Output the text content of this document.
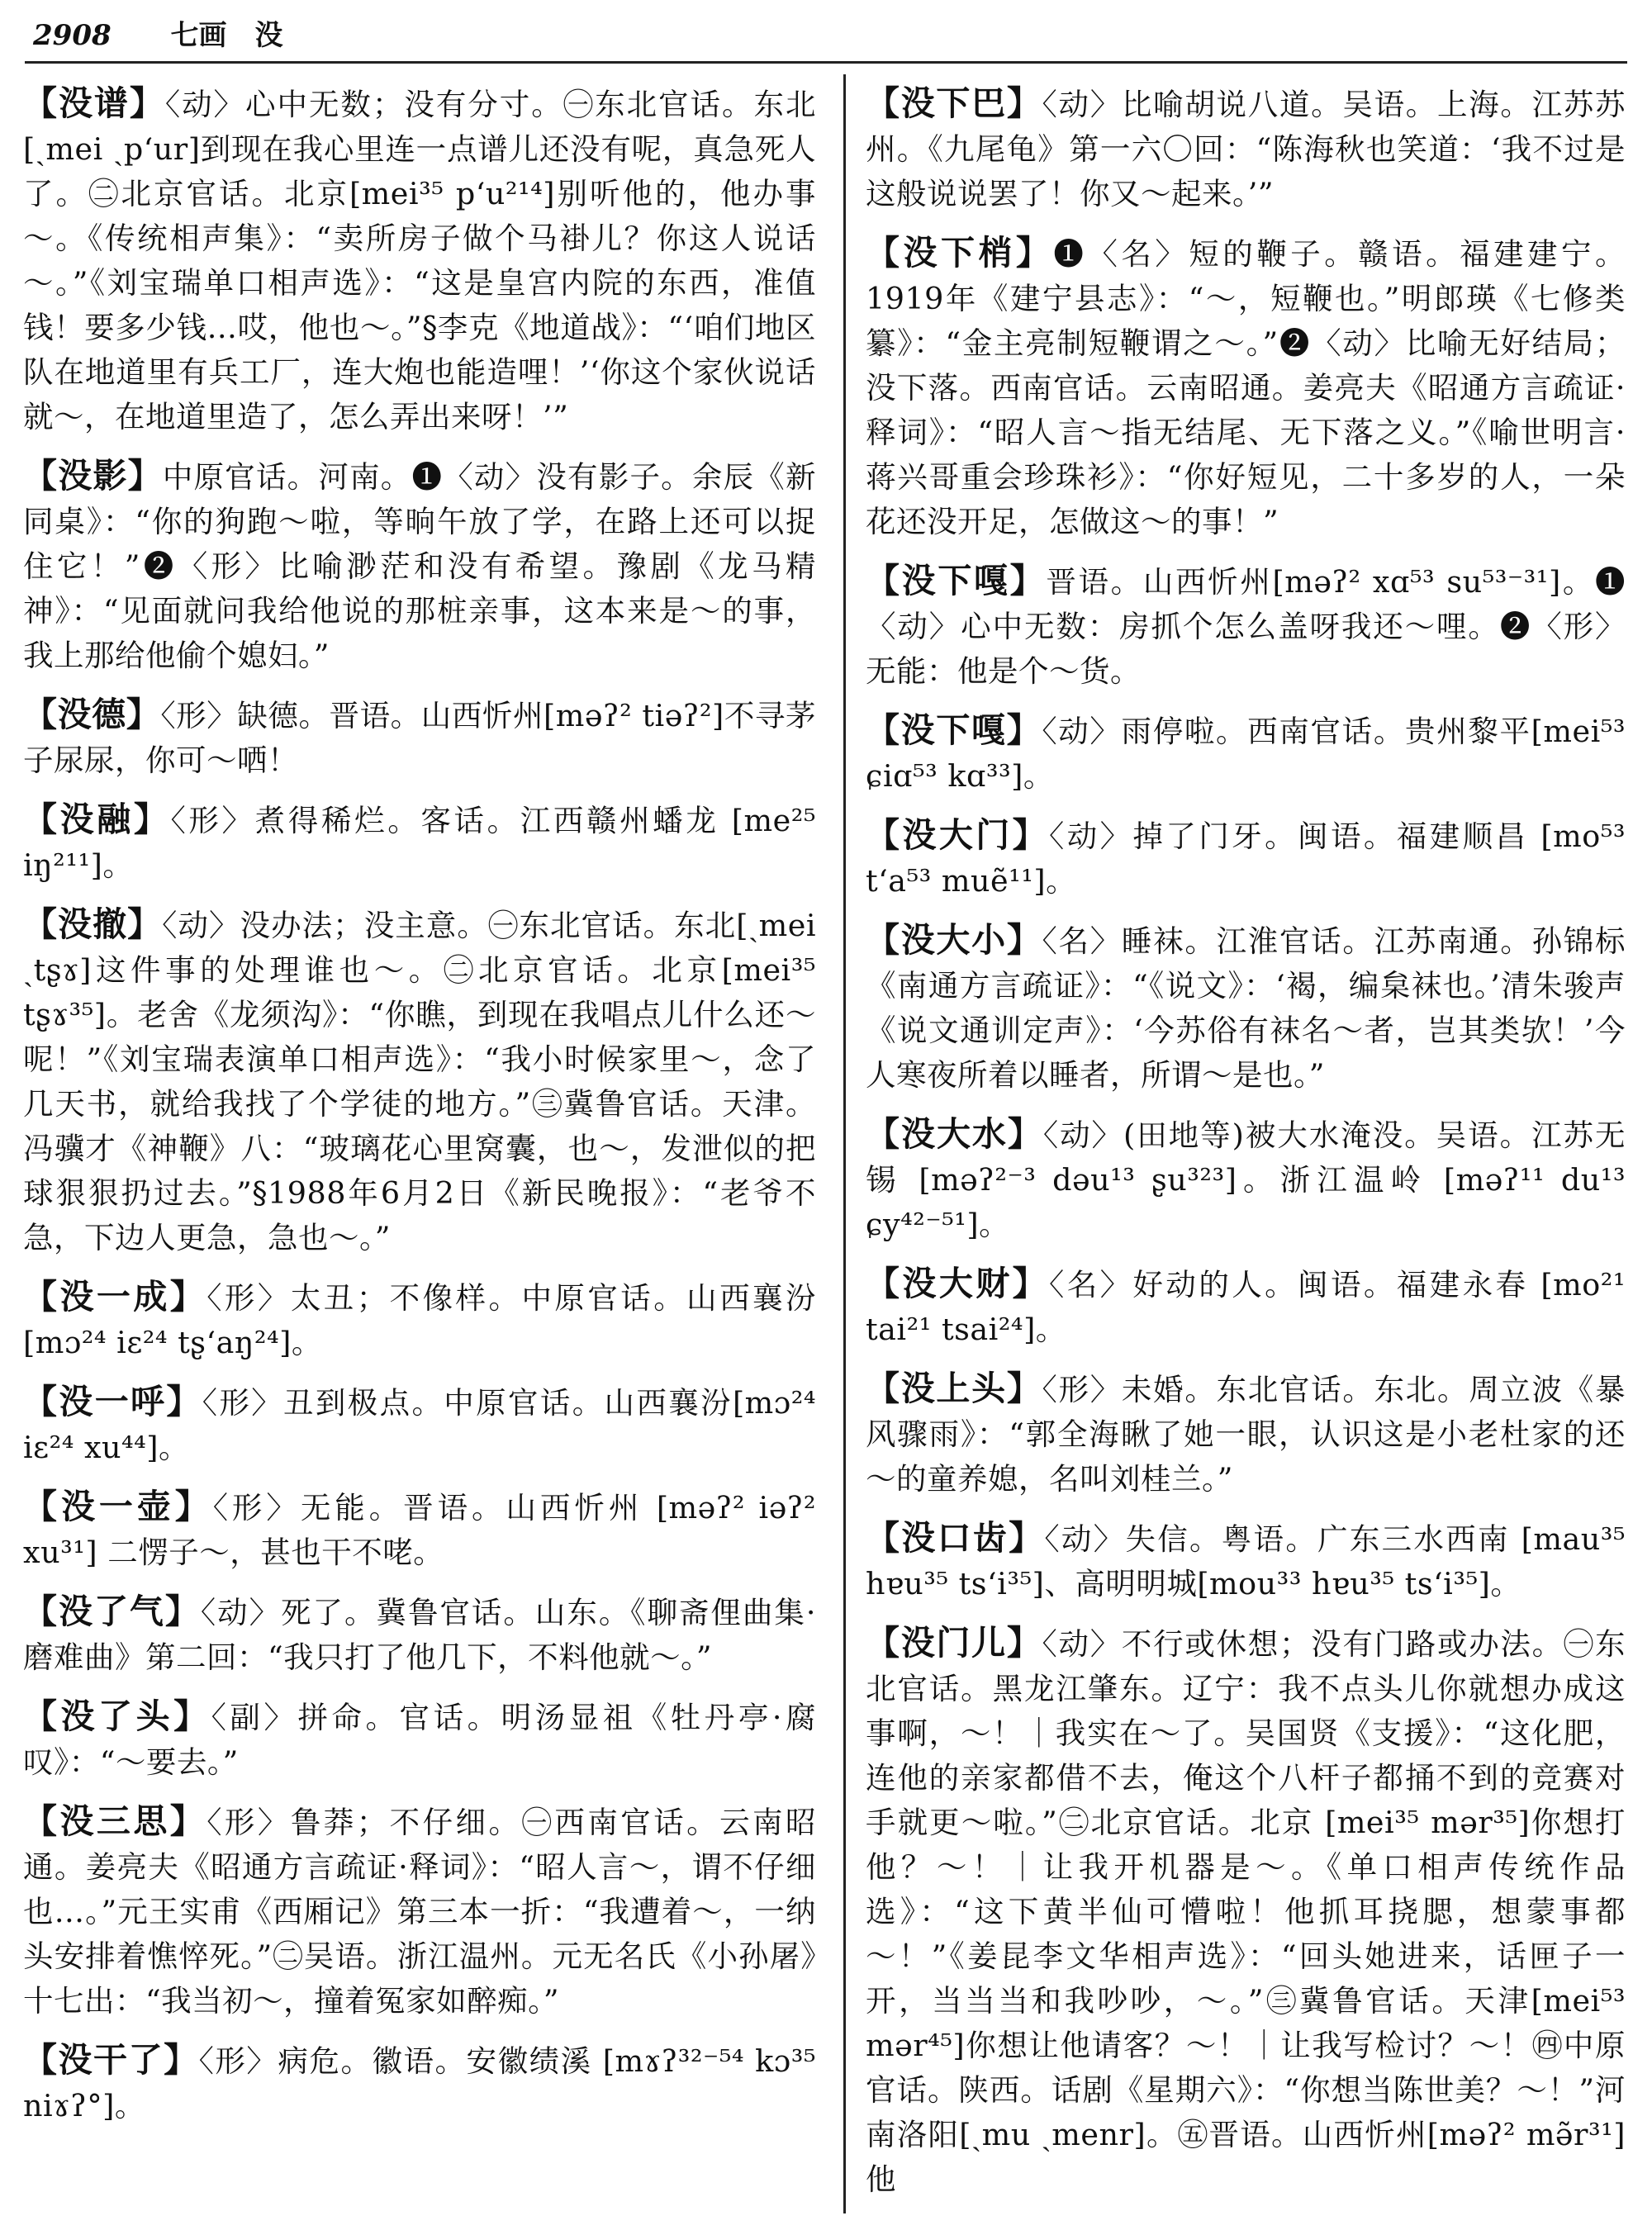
2908 七画　没

【没谱】〈动〉心中无数；没有分寸。㊀东北官话。东北[ˏmei ˎp‘ur]到现在我心里连一点谱儿还没有呢，真急死人了。㊁北京官话。北京[mei³⁵ p‘u²¹⁴]别听他的，他办事～。《传统相声集》：“卖所房子做个马褂儿？你这人说话～。”《刘宝瑞单口相声选》：“这是皇宫内院的东西，准值钱！要多少钱…哎，他也～。”§李克《地道战》：“‘咱们地区队在地道里有兵工厂，连大炮也能造哩！’‘你这个家伙说话就～，在地道里造了，怎么弄出来呀！’”

【没影】中原官话。河南。❶〈动〉没有影子。余辰《新同桌》：“你的狗跑～啦，等晌午放了学，在路上还可以捉住它！”❷〈形〉比喻渺茫和没有希望。豫剧《龙马精神》：“见面就问我给他说的那桩亲事，这本来是～的事，我上那给他偷个媳妇。”

【没德】〈形〉缺德。晋语。山西忻州[məʔ² tiəʔ²]不寻茅子尿尿，你可～哂！

【没融】〈形〉煮得稀烂。客话。江西赣州蟠龙 [me²⁵ iŋ²¹¹]。

【没撤】〈动〉没办法；没主意。㊀东北官话。东北[ˏmei ˏtʂɤ]这件事的处理谁也～。㊁北京官话。北京[mei³⁵ tʂɤ³⁵]。老舍《龙须沟》：“你瞧，到现在我唱点儿什么还～呢！”《刘宝瑞表演单口相声选》：“我小时候家里～，念了几天书，就给我找了个学徒的地方。”㊂冀鲁官话。天津。冯骥才《神鞭》八：“玻璃花心里窝囊，也～，发泄似的把球狠狠扔过去。”§1988年6月2日《新民晚报》：“老爷不急，下边人更急，急也～。”

【没一成】〈形〉太丑；不像样。中原官话。山西襄汾[mɔ²⁴ iɛ²⁴ tʂ‘aŋ²⁴]。

【没一呼】〈形〉丑到极点。中原官话。山西襄汾[mɔ²⁴ iɛ²⁴ xu⁴⁴]。

【没一壶】〈形〉无能。晋语。山西忻州 [məʔ² iəʔ² xu³¹] 二愣子～，甚也干不咾。

【没了气】〈动〉死了。冀鲁官话。山东。《聊斋俚曲集·磨难曲》第二回：“我只打了他几下，不料他就～。”

【没了头】〈副〉拼命。官话。明汤显祖《牡丹亭·腐叹》：“～要去。”

【没三思】〈形〉鲁莽；不仔细。㊀西南官话。云南昭通。姜亮夫《昭通方言疏证·释词》：“昭人言～，谓不仔细也…。”元王实甫《西厢记》第三本一折：“我遭着～，一纳头安排着憔悴死。”㊁吴语。浙江温州。元无名氏《小孙屠》十七出：“我当初～，撞着冤家如醉痴。”

【没干了】〈形〉病危。徽语。安徽绩溪 [mɤʔ³²⁻⁵⁴ kɔ³⁵ niɤʔ°]。

【没下巴】〈动〉比喻胡说八道。吴语。上海。江苏苏州。《九尾龟》第一六〇回：“陈海秋也笑道：‘我不过是这般说说罢了！你又～起来。’”

【没下梢】❶〈名〉短的鞭子。赣语。福建建宁。1919年《建宁县志》：“～，短鞭也。”明郎瑛《七修类纂》：“金主亮制短鞭谓之～。”❷〈动〉比喻无好结局；没下落。西南官话。云南昭通。姜亮夫《昭通方言疏证·释词》：“昭人言～指无结尾、无下落之义。”《喻世明言·蒋兴哥重会珍珠衫》：“你好短见，二十多岁的人，一朵花还没开足，怎做这～的事！”

【没下嘎】晋语。山西忻州[məʔ² xɑ⁵³ su⁵³⁻³¹]。❶〈动〉心中无数：房抓个怎么盖呀我还～哩。❷〈形〉无能：他是个～货。

【没下嘎】〈动〉雨停啦。西南官话。贵州黎平[mei⁵³ ɕiɑ⁵³ kɑ³³]。

【没大门】〈动〉掉了门牙。闽语。福建顺昌 [mo⁵³ t‘a⁵³ muẽ¹¹]。

【没大小】〈名〉睡袜。江淮官话。江苏南通。孙锦标《南通方言疏证》：“《说文》：‘褐，编枲袜也。’清朱骏声《说文通训定声》：‘今苏俗有袜名～者，岂其类欤！’今人寒夜所着以睡者，所谓～是也。”

【没大水】〈动〉(田地等)被大水淹没。吴语。江苏无锡 [məʔ²⁻³ dəu¹³ ʂu³²³]。浙江温岭 [məʔ¹¹ du¹³ ɕy⁴²⁻⁵¹]。

【没大财】〈名〉好动的人。闽语。福建永春 [mo²¹ tai²¹ tsai²⁴]。

【没上头】〈形〉未婚。东北官话。东北。周立波《暴风骤雨》：“郭全海瞅了她一眼，认识这是小老杜家的还～的童养媳，名叫刘桂兰。”

【没口齿】〈动〉失信。粤语。广东三水西南 [mau³⁵ hɐu³⁵ ts‘i³⁵]、高明明城[mou³³ hɐu³⁵ ts‘i³⁵]。

【没门儿】〈动〉不行或休想；没有门路或办法。㊀东北官话。黑龙江肇东。辽宁：我不点头儿你就想办成这事啊，～！｜我实在～了。吴国贤《支援》：“这化肥，连他的亲家都借不去，俺这个八杆子都捅不到的竞赛对手就更～啦。”㊁北京官话。北京 [mei³⁵ mər³⁵]你想打他？～！｜让我开机器是～。《单口相声传统作品选》：“这下黄半仙可懵啦！他抓耳挠腮，想蒙事都～！”《姜昆李文华相声选》：“回头她进来，话匣子一开，当当当和我吵吵，～。”㊂冀鲁官话。天津[mei⁵³ mər⁴⁵]你想让他请客？～！｜让我写检讨？～！㊃中原官话。陕西。话剧《星期六》：“你想当陈世美？～！”河南洛阳[ˏmu ˏmenr]。㊄晋语。山西忻州[məʔ² mə̃r³¹]他
